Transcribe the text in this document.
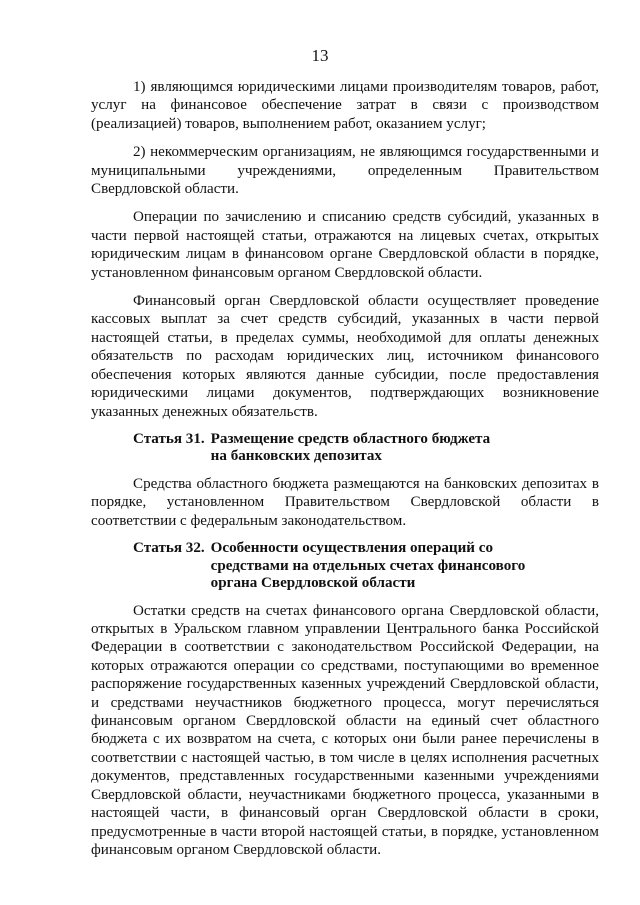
13

1) являющимся юридическими лицами производителям товаров, работ, услуг на финансовое обеспечение затрат в связи с производством (реализацией) товаров, выполнением работ, оказанием услуг;

2) некоммерческим организациям, не являющимся государственными и муниципальными учреждениями, определенным Правительством Свердловской области.

Операции по зачислению и списанию средств субсидий, указанных в части первой настоящей статьи, отражаются на лицевых счетах, открытых юридическим лицам в финансовом органе Свердловской области в порядке, установленном финансовым органом Свердловской области.

Финансовый орган Свердловской области осуществляет проведение кассовых выплат за счет средств субсидий, указанных в части первой настоящей статьи, в пределах суммы, необходимой для оплаты денежных обязательств по расходам юридических лиц, источником финансового обеспечения которых являются данные субсидии, после предоставления юридическими лицами документов, подтверждающих возникновение указанных денежных обязательств.

Статья 31. Размещение средств областного бюджета
на банковских депозитах

Средства областного бюджета размещаются на банковских депозитах в порядке, установленном Правительством Свердловской области в соответствии с федеральным законодательством.

Статья 32. Особенности осуществления операций со
средствами на отдельных счетах финансового
органа Свердловской области

Остатки средств на счетах финансового органа Свердловской области, открытых в Уральском главном управлении Центрального банка Российской Федерации в соответствии с законодательством Российской Федерации, на которых отражаются операции со средствами, поступающими во временное распоряжение государственных казенных учреждений Свердловской области, и средствами неучастников бюджетного процесса, могут перечисляться финансовым органом Свердловской области на единый счет областного бюджета с их возвратом на счета, с которых они были ранее перечислены в соответствии с настоящей частью, в том числе в целях исполнения расчетных документов, представленных государственными казенными учреждениями Свердловской области, неучастниками бюджетного процесса, указанными в настоящей части, в финансовый орган Свердловской области в сроки, предусмотренные в части второй настоящей статьи, в порядке, установленном финансовым органом Свердловской области.
